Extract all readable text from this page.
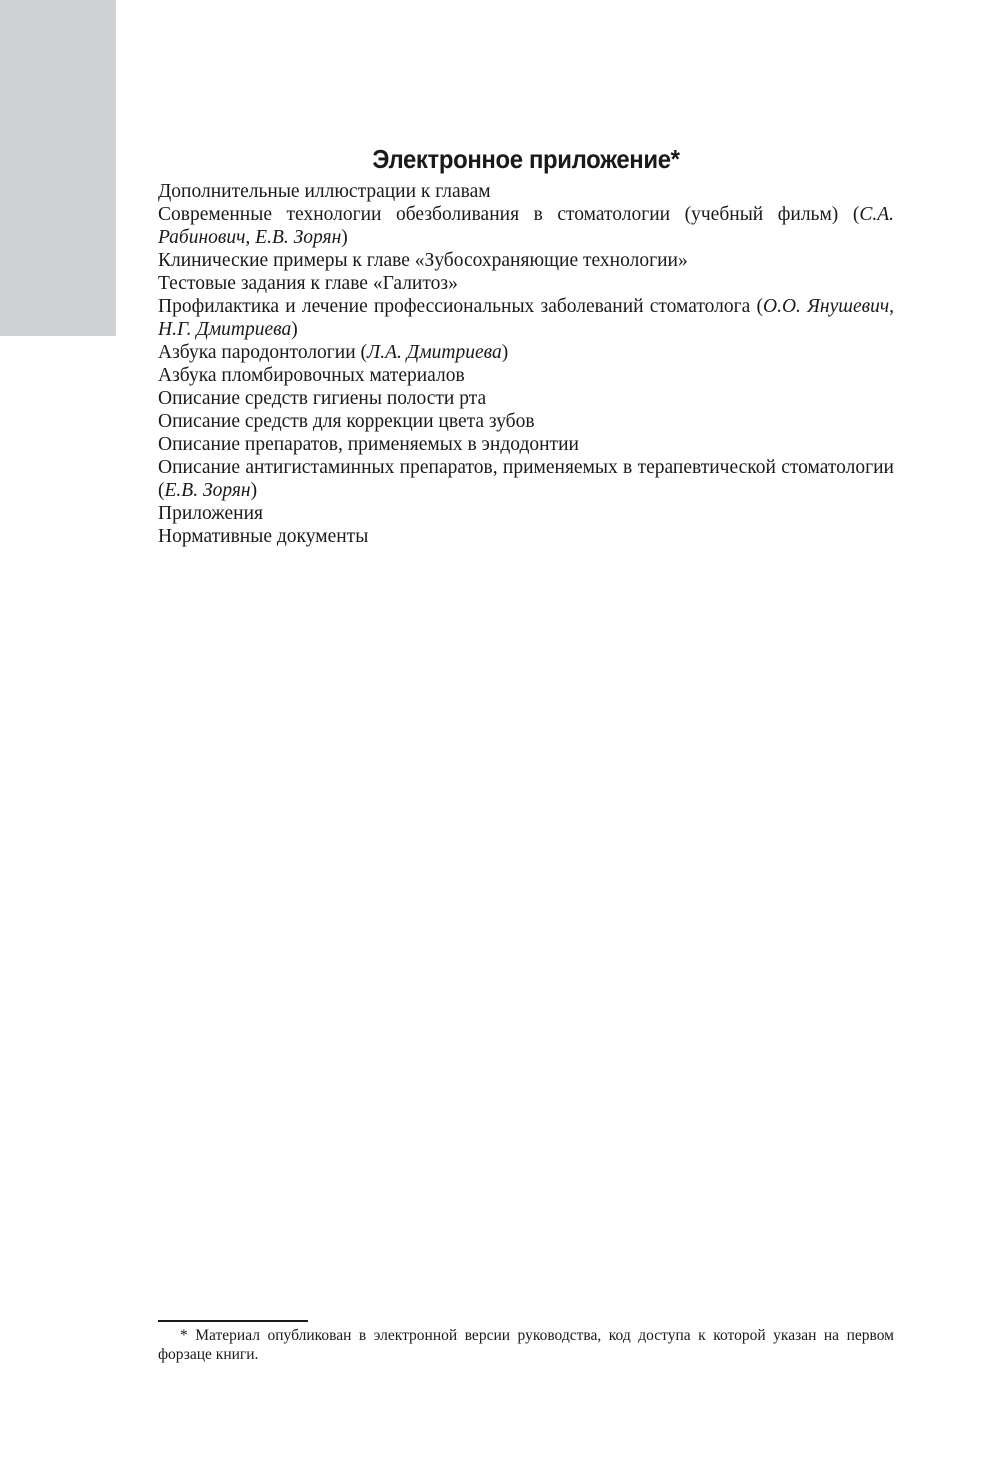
Электронное приложение*
Дополнительные иллюстрации к главам
Современные технологии обезболивания в стоматологии (учебный фильм) (С.А. Рабинович, Е.В. Зорян)
Клинические примеры к главе «Зубосохраняющие технологии»
Тестовые задания к главе «Галитоз»
Профилактика и лечение профессиональных заболеваний стоматолога (О.О. Янушевич, Н.Г. Дмитриева)
Азбука пародонтологии (Л.А. Дмитриева)
Азбука пломбировочных материалов
Описание средств гигиены полости рта
Описание средств для коррекции цвета зубов
Описание препаратов, применяемых в эндодонтии
Описание антигистаминных препаратов, применяемых в терапевтической стоматологии (Е.В. Зорян)
Приложения
Нормативные документы

* Материал опубликован в электронной версии руководства, код доступа к которой указан на первом форзаце книги.
